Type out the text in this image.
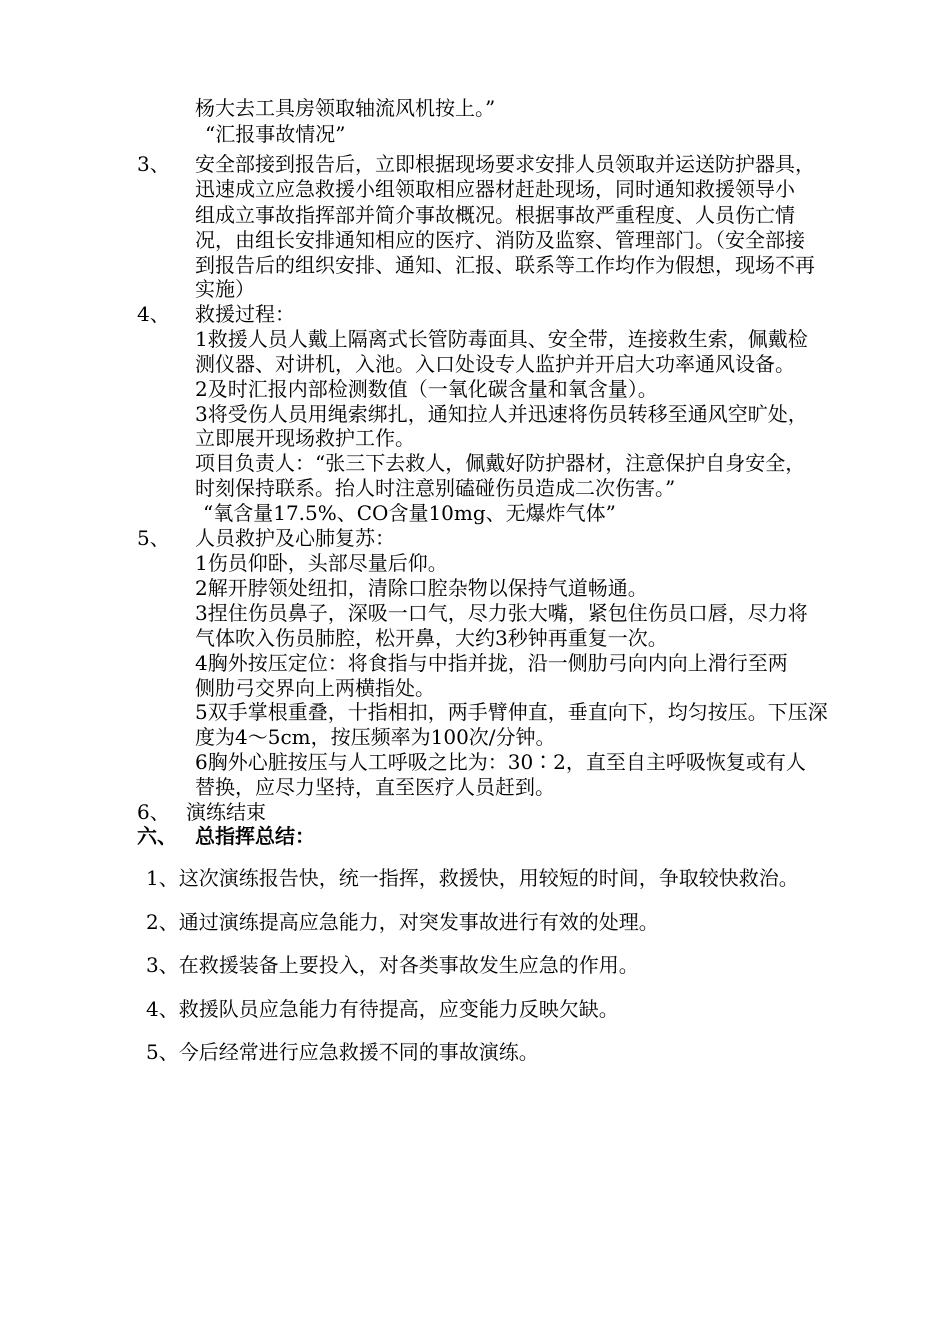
杨大去工具房领取轴流风机按上。”
“汇报事故情况”
3、 安全部接到报告后，立即根据现场要求安排人员领取并运送防护器具，
迅速成立应急救援小组领取相应器材赶赴现场，同时通知救援领导小
组成立事故指挥部并简介事故概况。根据事故严重程度、人员伤亡情
况，由组长安排通知相应的医疗、消防及监察、管理部门。（安全部接
到报告后的组织安排、通知、汇报、联系等工作均作为假想，现场不再
实施）
4、 救援过程：
1救援人员人戴上隔离式长管防毒面具、安全带，连接救生索，佩戴检
测仪器、对讲机，入池。入口处设专人监护并开启大功率通风设备。
2及时汇报内部检测数值（一氧化碳含量和氧含量）。
3将受伤人员用绳索绑扎，通知拉人并迅速将伤员转移至通风空旷处，
立即展开现场救护工作。
项目负责人：“张三下去救人，佩戴好防护器材，注意保护自身安全，
时刻保持联系。抬人时注意别磕碰伤员造成二次伤害。”
“氧含量17.5%、CO含量10mg、无爆炸气体”
5、 人员救护及心肺复苏：
1伤员仰卧，头部尽量后仰。
2解开脖领处纽扣，清除口腔杂物以保持气道畅通。
3捏住伤员鼻子，深吸一口气，尽力张大嘴，紧包住伤员口唇，尽力将
气体吹入伤员肺腔，松开鼻，大约3秒钟再重复一次。
4胸外按压定位：将食指与中指并拢，沿一侧肋弓向内向上滑行至两
侧肋弓交界向上两横指处。
5双手掌根重叠，十指相扣，两手臂伸直，垂直向下，均匀按压。下压深
度为4～5cm，按压频率为100次/分钟。
6胸外心脏按压与人工呼吸之比为：30∶2，直至自主呼吸恢复或有人
替换，应尽力坚持，直至医疗人员赶到。
6、 演练结束
六、 总指挥总结：
1、这次演练报告快，统一指挥，救援快，用较短的时间，争取较快救治。
2、通过演练提高应急能力，对突发事故进行有效的处理。
3、在救援装备上要投入，对各类事故发生应急的作用。
4、救援队员应急能力有待提高，应变能力反映欠缺。
5、今后经常进行应急救援不同的事故演练。
